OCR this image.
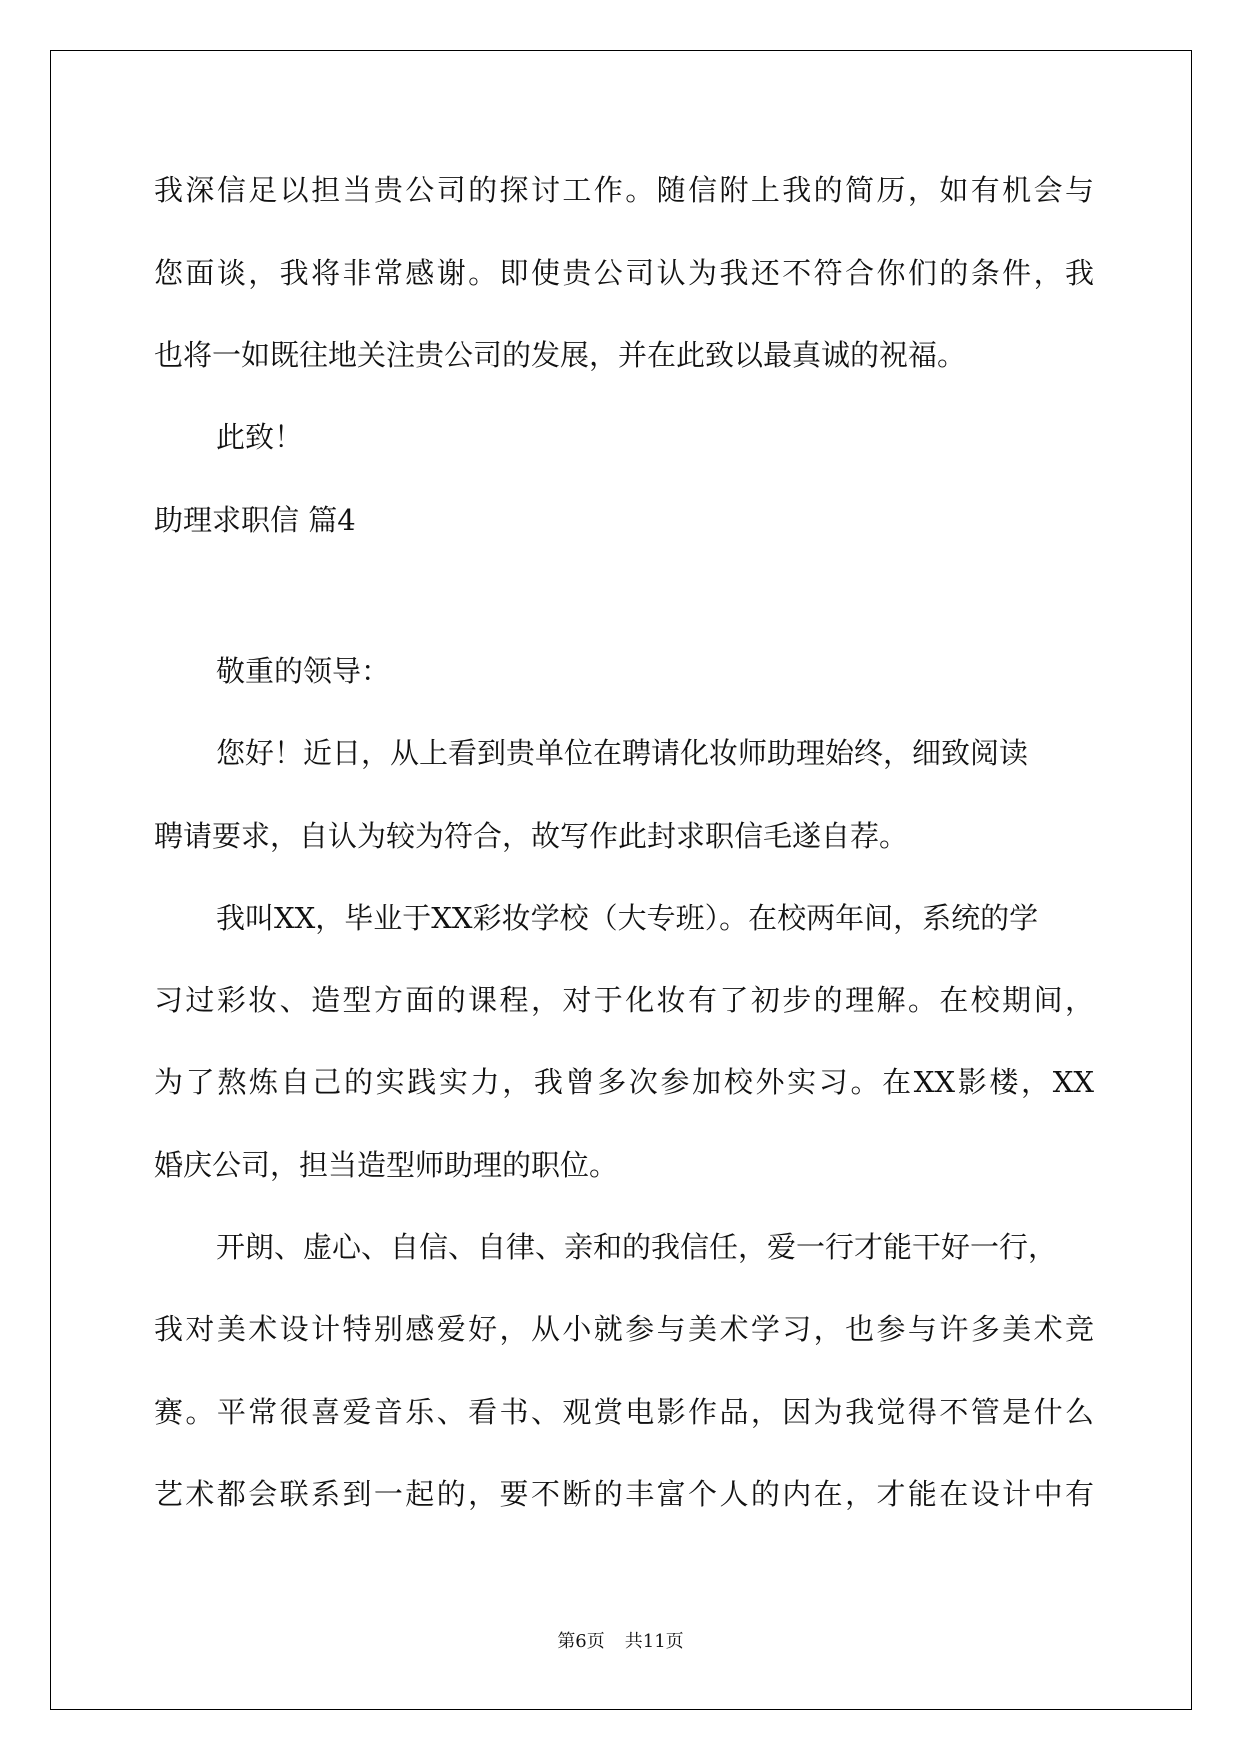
我深信足以担当贵公司的探讨工作。随信附上我的简历，如有机会与
您面谈，我将非常感谢。即使贵公司认为我还不符合你们的条件，我
也将一如既往地关注贵公司的发展，并在此致以最真诚的祝福。
此致！
助理求职信 篇4
敬重的领导：
您好！近日，从上看到贵单位在聘请化妆师助理始终，细致阅读
聘请要求，自认为较为符合，故写作此封求职信毛遂自荐。
我叫XX，毕业于XX彩妆学校（大专班）。在校两年间，系统的学
习过彩妆、造型方面的课程，对于化妆有了初步的理解。在校期间，
为了熬炼自己的实践实力，我曾多次参加校外实习。在XX影楼，XX
婚庆公司，担当造型师助理的职位。
开朗、虚心、自信、自律、亲和的我信任，爱一行才能干好一行，
我对美术设计特别感爱好，从小就参与美术学习，也参与许多美术竞
赛。平常很喜爱音乐、看书、观赏电影作品，因为我觉得不管是什么
艺术都会联系到一起的，要不断的丰富个人的内在，才能在设计中有
第6页 共11页
